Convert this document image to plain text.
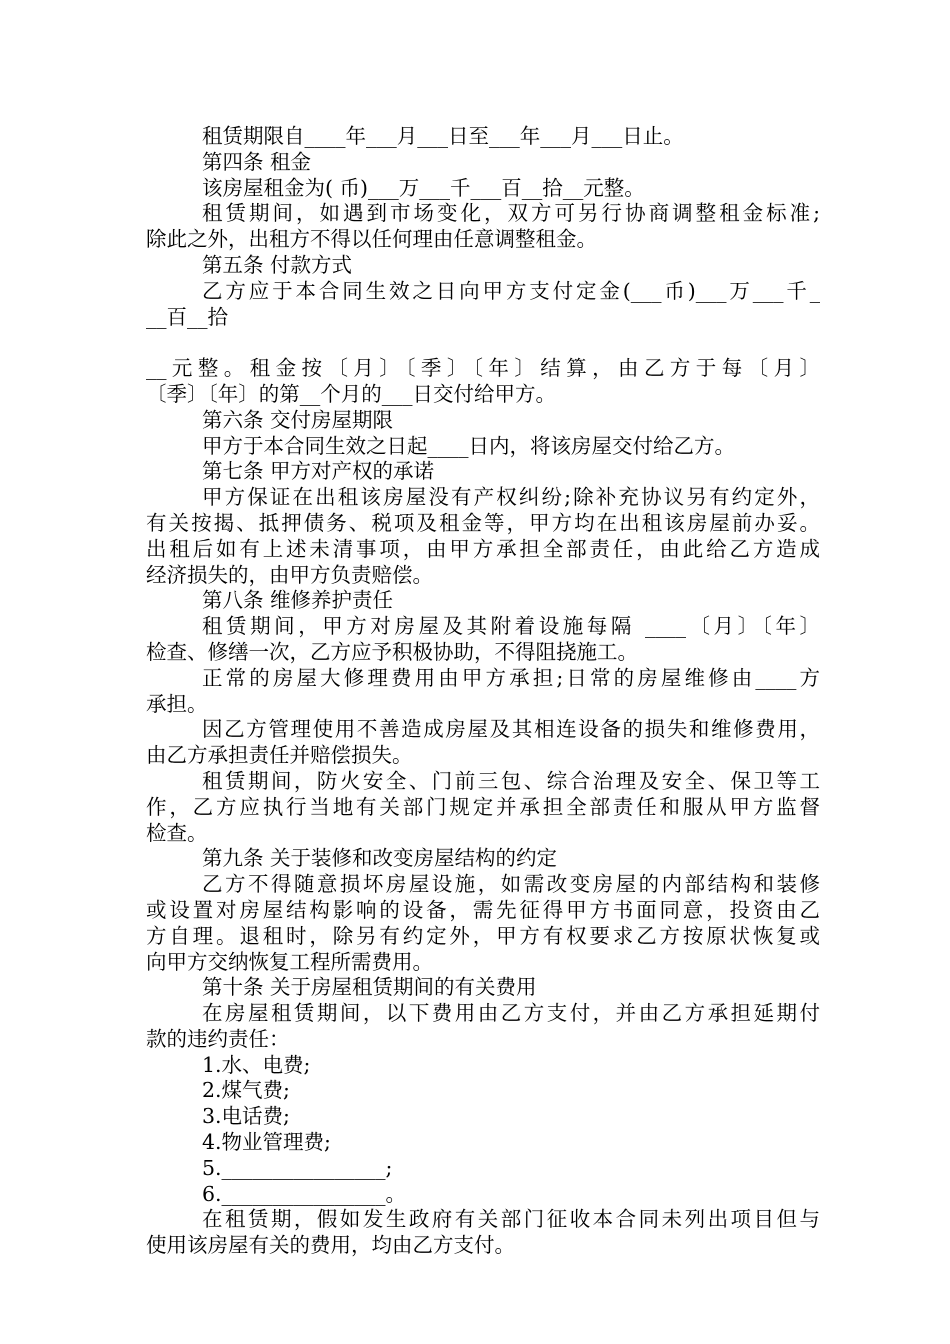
租赁期限自____年___月___日至___年___月___日止。
第四条 租金
该房屋租金为( 币)___万___千___百__拾__元整。
租赁期间，如遇到市场变化，双方可另行协商调整租金标准;
除此之外，出租方不得以任何理由任意调整租金。
第五条 付款方式
乙方应于本合同生效之日向甲方支付定金(___币)___万___千_
__百__拾
__元整。租金按〔月〕〔季〕〔年〕结算，由乙方于每〔月〕
〔季〕〔年〕的第__个月的___日交付给甲方。
第六条 交付房屋期限
甲方于本合同生效之日起____日内，将该房屋交付给乙方。
第七条 甲方对产权的承诺
甲方保证在出租该房屋没有产权纠纷;除补充协议另有约定外，
有关按揭、抵押债务、税项及租金等，甲方均在出租该房屋前办妥。
出租后如有上述未清事项，由甲方承担全部责任，由此给乙方造成
经济损失的，由甲方负责赔偿。
第八条 维修养护责任
租赁期间，甲方对房屋及其附着设施每隔 ____〔月〕〔年〕
检查、修缮一次，乙方应予积极协助，不得阻挠施工。
正常的房屋大修理费用由甲方承担;日常的房屋维修由____方
承担。
因乙方管理使用不善造成房屋及其相连设备的损失和维修费用，
由乙方承担责任并赔偿损失。
租赁期间，防火安全、门前三包、综合治理及安全、保卫等工
作，乙方应执行当地有关部门规定并承担全部责任和服从甲方监督
检查。
第九条 关于装修和改变房屋结构的约定
乙方不得随意损坏房屋设施，如需改变房屋的内部结构和装修
或设置对房屋结构影响的设备，需先征得甲方书面同意，投资由乙
方自理。退租时，除另有约定外，甲方有权要求乙方按原状恢复或
向甲方交纳恢复工程所需费用。
第十条 关于房屋租赁期间的有关费用
在房屋租赁期间，以下费用由乙方支付，并由乙方承担延期付
款的违约责任：
1.水、电费;
2.煤气费;
3.电话费;
4.物业管理费;
5.________________;
6.________________。
在租赁期，假如发生政府有关部门征收本合同未列出项目但与
使用该房屋有关的费用，均由乙方支付。
